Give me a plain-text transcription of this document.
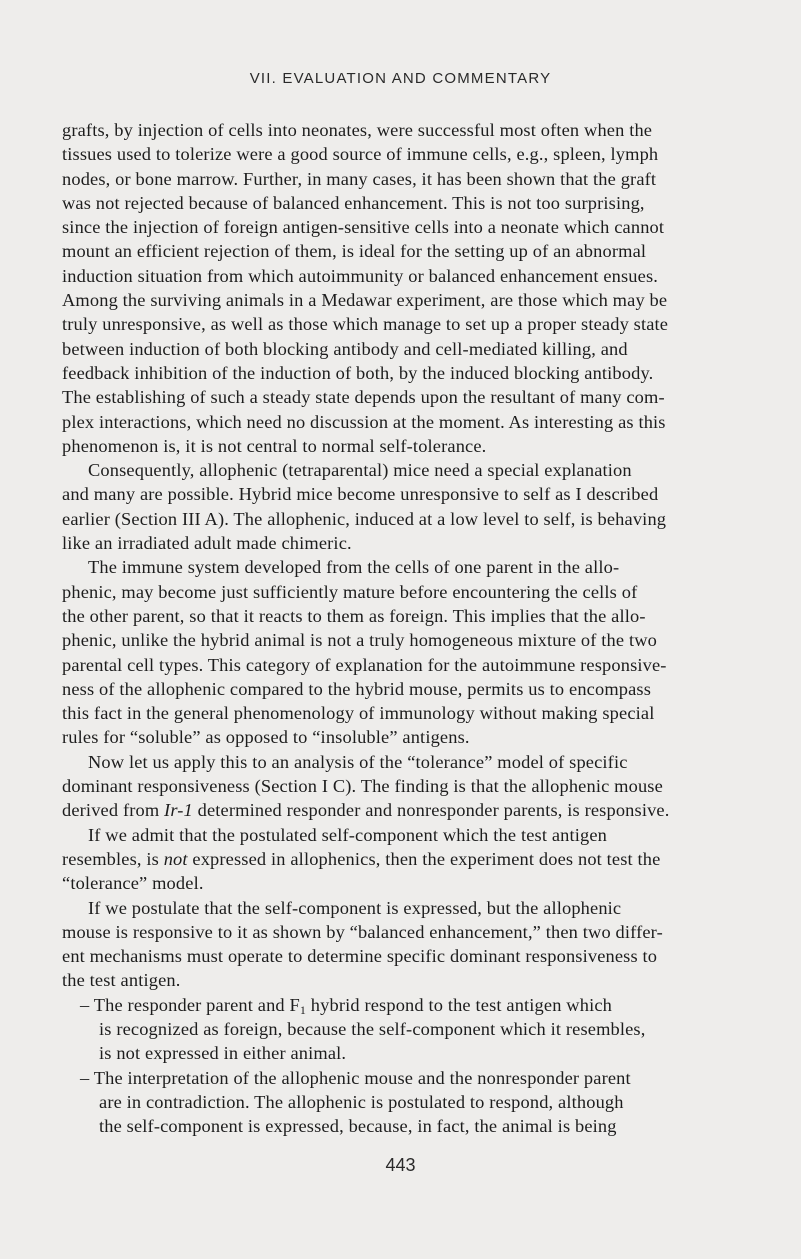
VII. EVALUATION AND COMMENTARY
grafts, by injection of cells into neonates, were successful most often when the
tissues used to tolerize were a good source of immune cells, e.g., spleen, lymph
nodes, or bone marrow. Further, in many cases, it has been shown that the graft
was not rejected because of balanced enhancement. This is not too surprising,
since the injection of foreign antigen-sensitive cells into a neonate which cannot
mount an efficient rejection of them, is ideal for the setting up of an abnormal
induction situation from which autoimmunity or balanced enhancement ensues.
Among the surviving animals in a Medawar experiment, are those which may be
truly unresponsive, as well as those which manage to set up a proper steady state
between induction of both blocking antibody and cell-mediated killing, and
feedback inhibition of the induction of both, by the induced blocking antibody.
The establishing of such a steady state depends upon the resultant of many com-
plex interactions, which need no discussion at the moment. As interesting as this
phenomenon is, it is not central to normal self-tolerance.
Consequently, allophenic (tetraparental) mice need a special explanation
and many are possible. Hybrid mice become unresponsive to self as I described
earlier (Section III A). The allophenic, induced at a low level to self, is behaving
like an irradiated adult made chimeric.
The immune system developed from the cells of one parent in the allo-
phenic, may become just sufficiently mature before encountering the cells of
the other parent, so that it reacts to them as foreign. This implies that the allo-
phenic, unlike the hybrid animal is not a truly homogeneous mixture of the two
parental cell types. This category of explanation for the autoimmune responsive-
ness of the allophenic compared to the hybrid mouse, permits us to encompass
this fact in the general phenomenology of immunology without making special
rules for “soluble” as opposed to “insoluble” antigens.
Now let us apply this to an analysis of the “tolerance” model of specific
dominant responsiveness (Section I C). The finding is that the allophenic mouse
derived from Ir-1 determined responder and nonresponder parents, is responsive.
If we admit that the postulated self-component which the test antigen
resembles, is not expressed in allophenics, then the experiment does not test the
“tolerance” model.
If we postulate that the self-component is expressed, but the allophenic
mouse is responsive to it as shown by “balanced enhancement,” then two differ-
ent mechanisms must operate to determine specific dominant responsiveness to
the test antigen.
– The responder parent and $F_1$ hybrid respond to the test antigen which
is recognized as foreign, because the self-component which it resembles,
is not expressed in either animal.
– The interpretation of the allophenic mouse and the nonresponder parent
are in contradiction. The allophenic is postulated to respond, although
the self-component is expressed, because, in fact, the animal is being
443
